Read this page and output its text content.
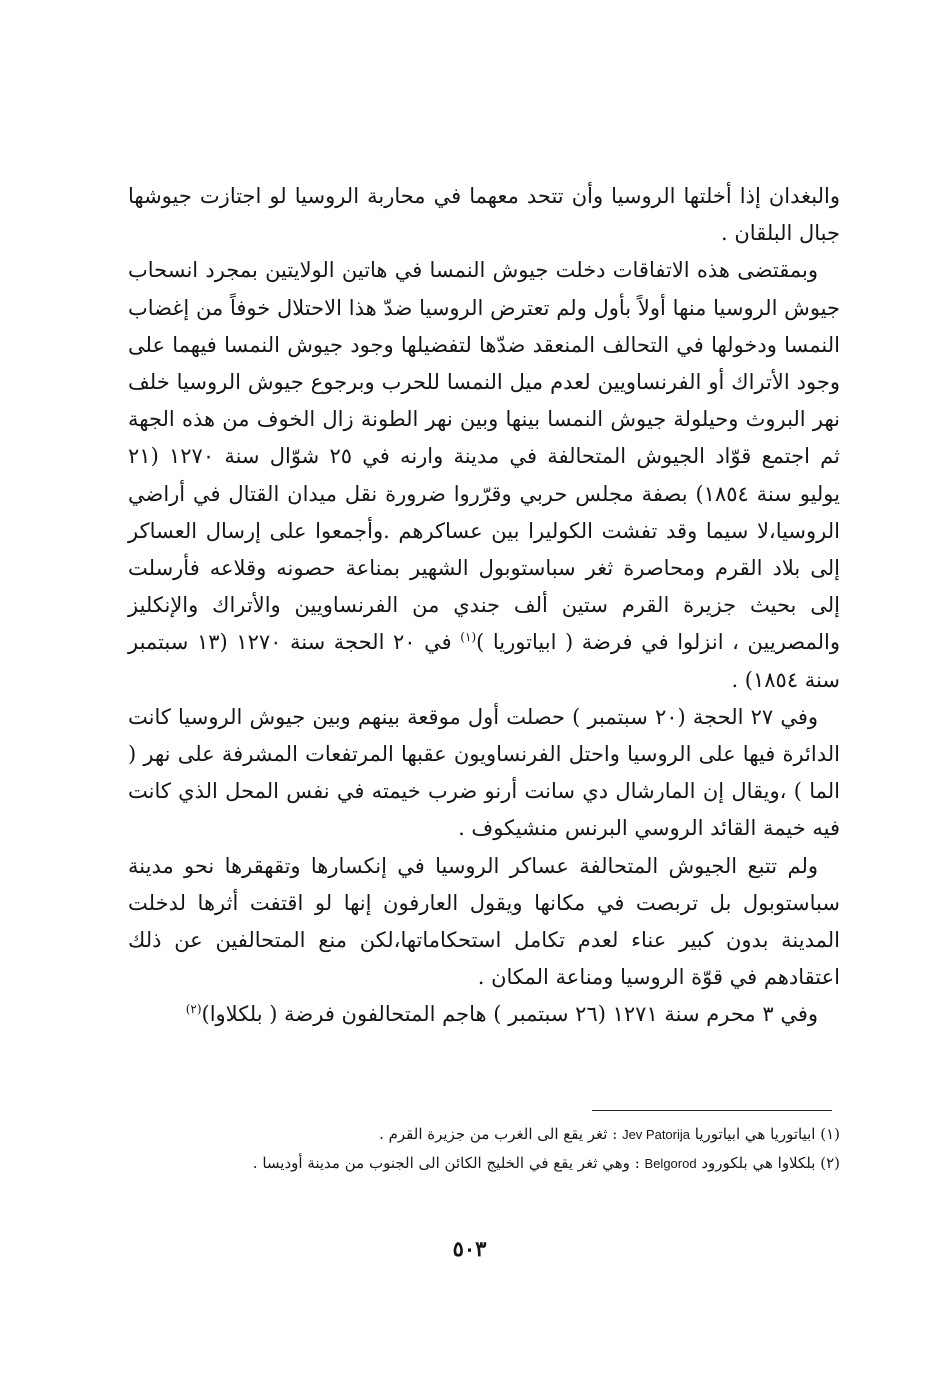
والبغدان إذا أخلتها الروسيا وأن تتحد معهما في محاربة الروسيا لو اجتازت جيوشها جبال البلقان .

وبمقتضى هذه الاتفاقات دخلت جيوش النمسا في هاتين الولايتين بمجرد انسحاب جيوش الروسيا منها أولاً بأول ولم تعترض الروسيا ضدّ هذا الاحتلال خوفاً من إغضاب النمسا ودخولها في التحالف المنعقد ضدّها لتفضيلها وجود جيوش النمسا فيهما على وجود الأتراك أو الفرنساويين لعدم ميل النمسا للحرب وبرجوع جيوش الروسيا خلف نهر البروث وحيلولة جيوش النمسا بينها وبين نهر الطونة زال الخوف من هذه الجهة ثم اجتمع قوّاد الجيوش المتحالفة في مدينة وارنه في ٢٥ شوّال سنة ١٢٧٠ (٢١ يوليو سنة ١٨٥٤) بصفة مجلس حربي وقرّروا ضرورة نقل ميدان القتال في أراضي الروسيا،لا سيما وقد تفشت الكوليرا بين عساكرهم .وأجمعوا على إرسال العساكر إلى بلاد القرم ومحاصرة ثغر سباستوبول الشهير بمناعة حصونه وقلاعه فأرسلت إلى بحيث جزيرة القرم ستين ألف جندي من الفرنساويين والأتراك والإنكليز والمصريين ، انزلوا في فرضة ( ابياتوريا )$^{(١)}$ في ٢٠ الحجة سنة ١٢٧٠ (١٣ سبتمبر سنة ١٨٥٤) .

وفي ٢٧ الحجة (٢٠ سبتمبر ) حصلت أول موقعة بينهم وبين جيوش الروسيا كانت الدائرة فيها على الروسيا واحتل الفرنساويون عقبها المرتفعات المشرفة على نهر ( الما ) ،ويقال إن المارشال دي سانت أرنو ضرب خيمته في نفس المحل الذي كانت فيه خيمة القائد الروسي البرنس منشيكوف .

ولم تتبع الجيوش المتحالفة عساكر الروسيا في إنكسارها وتقهقرها نحو مدينة سباستوبول بل تربصت في مكانها ويقول العارفون إنها لو اقتفت أثرها لدخلت المدينة بدون كبير عناء لعدم تكامل استحكاماتها،لكن منع المتحالفين عن ذلك اعتقادهم في قوّة الروسيا ومناعة المكان .

وفي ٣ محرم سنة ١٢٧١ (٢٦ سبتمبر ) هاجم المتحالفون فرضة ( بلكلاوا)$^{(٢)}$

(١) ابياتوريا هي ابياتوريا Jev Patorija : ثغر يقع الى الغرب من جزيرة القرم .

(٢) بلكلاوا هي بلكورود Belgorod : وهي ثغر يقع في الخليج الكائن الى الجنوب من مدينة أوديسا .

٥٠٣
